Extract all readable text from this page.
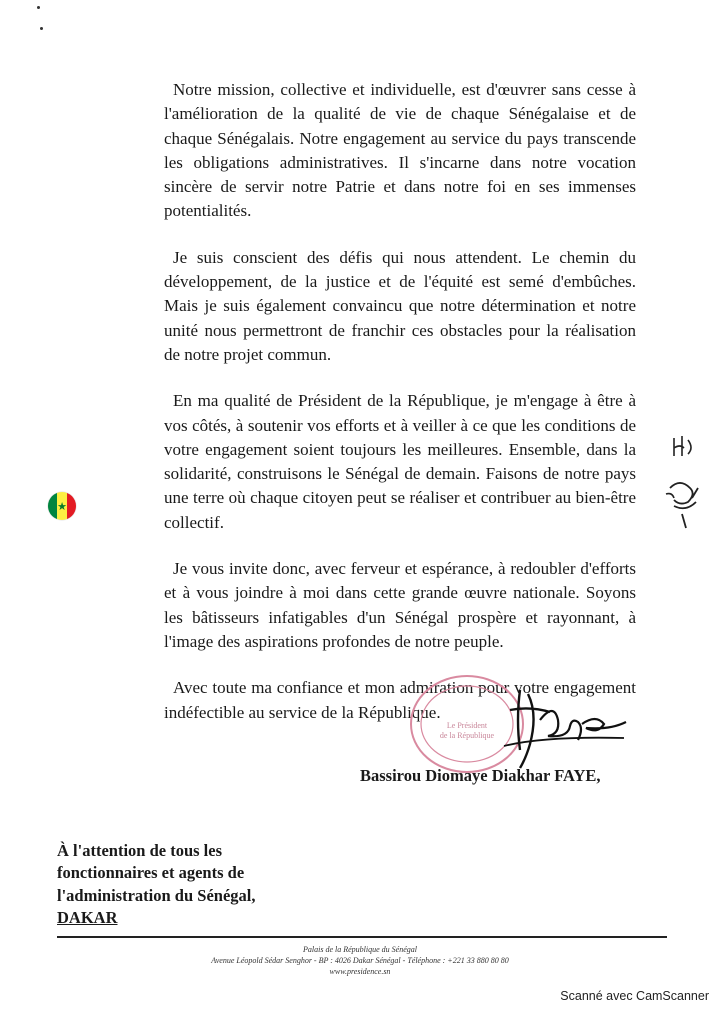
Notre mission, collective et individuelle, est d'œuvrer sans cesse à l'amélioration de la qualité de vie de chaque Sénégalaise et de chaque Sénégalais. Notre engagement au service du pays transcende les obligations administratives. Il s'incarne dans notre vocation sincère de servir notre Patrie et dans notre foi en ses immenses potentialités.

Je suis conscient des défis qui nous attendent. Le chemin du développement, de la justice et de l'équité est semé d'embûches. Mais je suis également convaincu que notre détermination et notre unité nous permettront de franchir ces obstacles pour la réalisation de notre projet commun.

En ma qualité de Président de la République, je m'engage à être à vos côtés, à soutenir vos efforts et à veiller à ce que les conditions de votre engagement soient toujours les meilleures. Ensemble, dans la solidarité, construisons le Sénégal de demain. Faisons de notre pays une terre où chaque citoyen peut se réaliser et contribuer au bien-être collectif.

Je vous invite donc, avec ferveur et espérance, à redoubler d'efforts et à vous joindre à moi dans cette grande œuvre nationale. Soyons les bâtisseurs infatigables d'un Sénégal prospère et rayonnant, à l'image des aspirations profondes de notre peuple.

Avec toute ma confiance et mon admiration pour votre engagement indéfectible au service de la République.

★
Le Président
de la République
Bassirou Diomaye Diakhar FAYE,
À l'attention de tous les
fonctionnaires et agents de
l'administration du Sénégal,
DAKAR
Palais de la République du Sénégal
Avenue Léopold Sédar Senghor - BP : 4026 Dakar Sénégal - Téléphone : +221 33 880 80 80
www.presidence.sn
Scanné avec CamScanner
